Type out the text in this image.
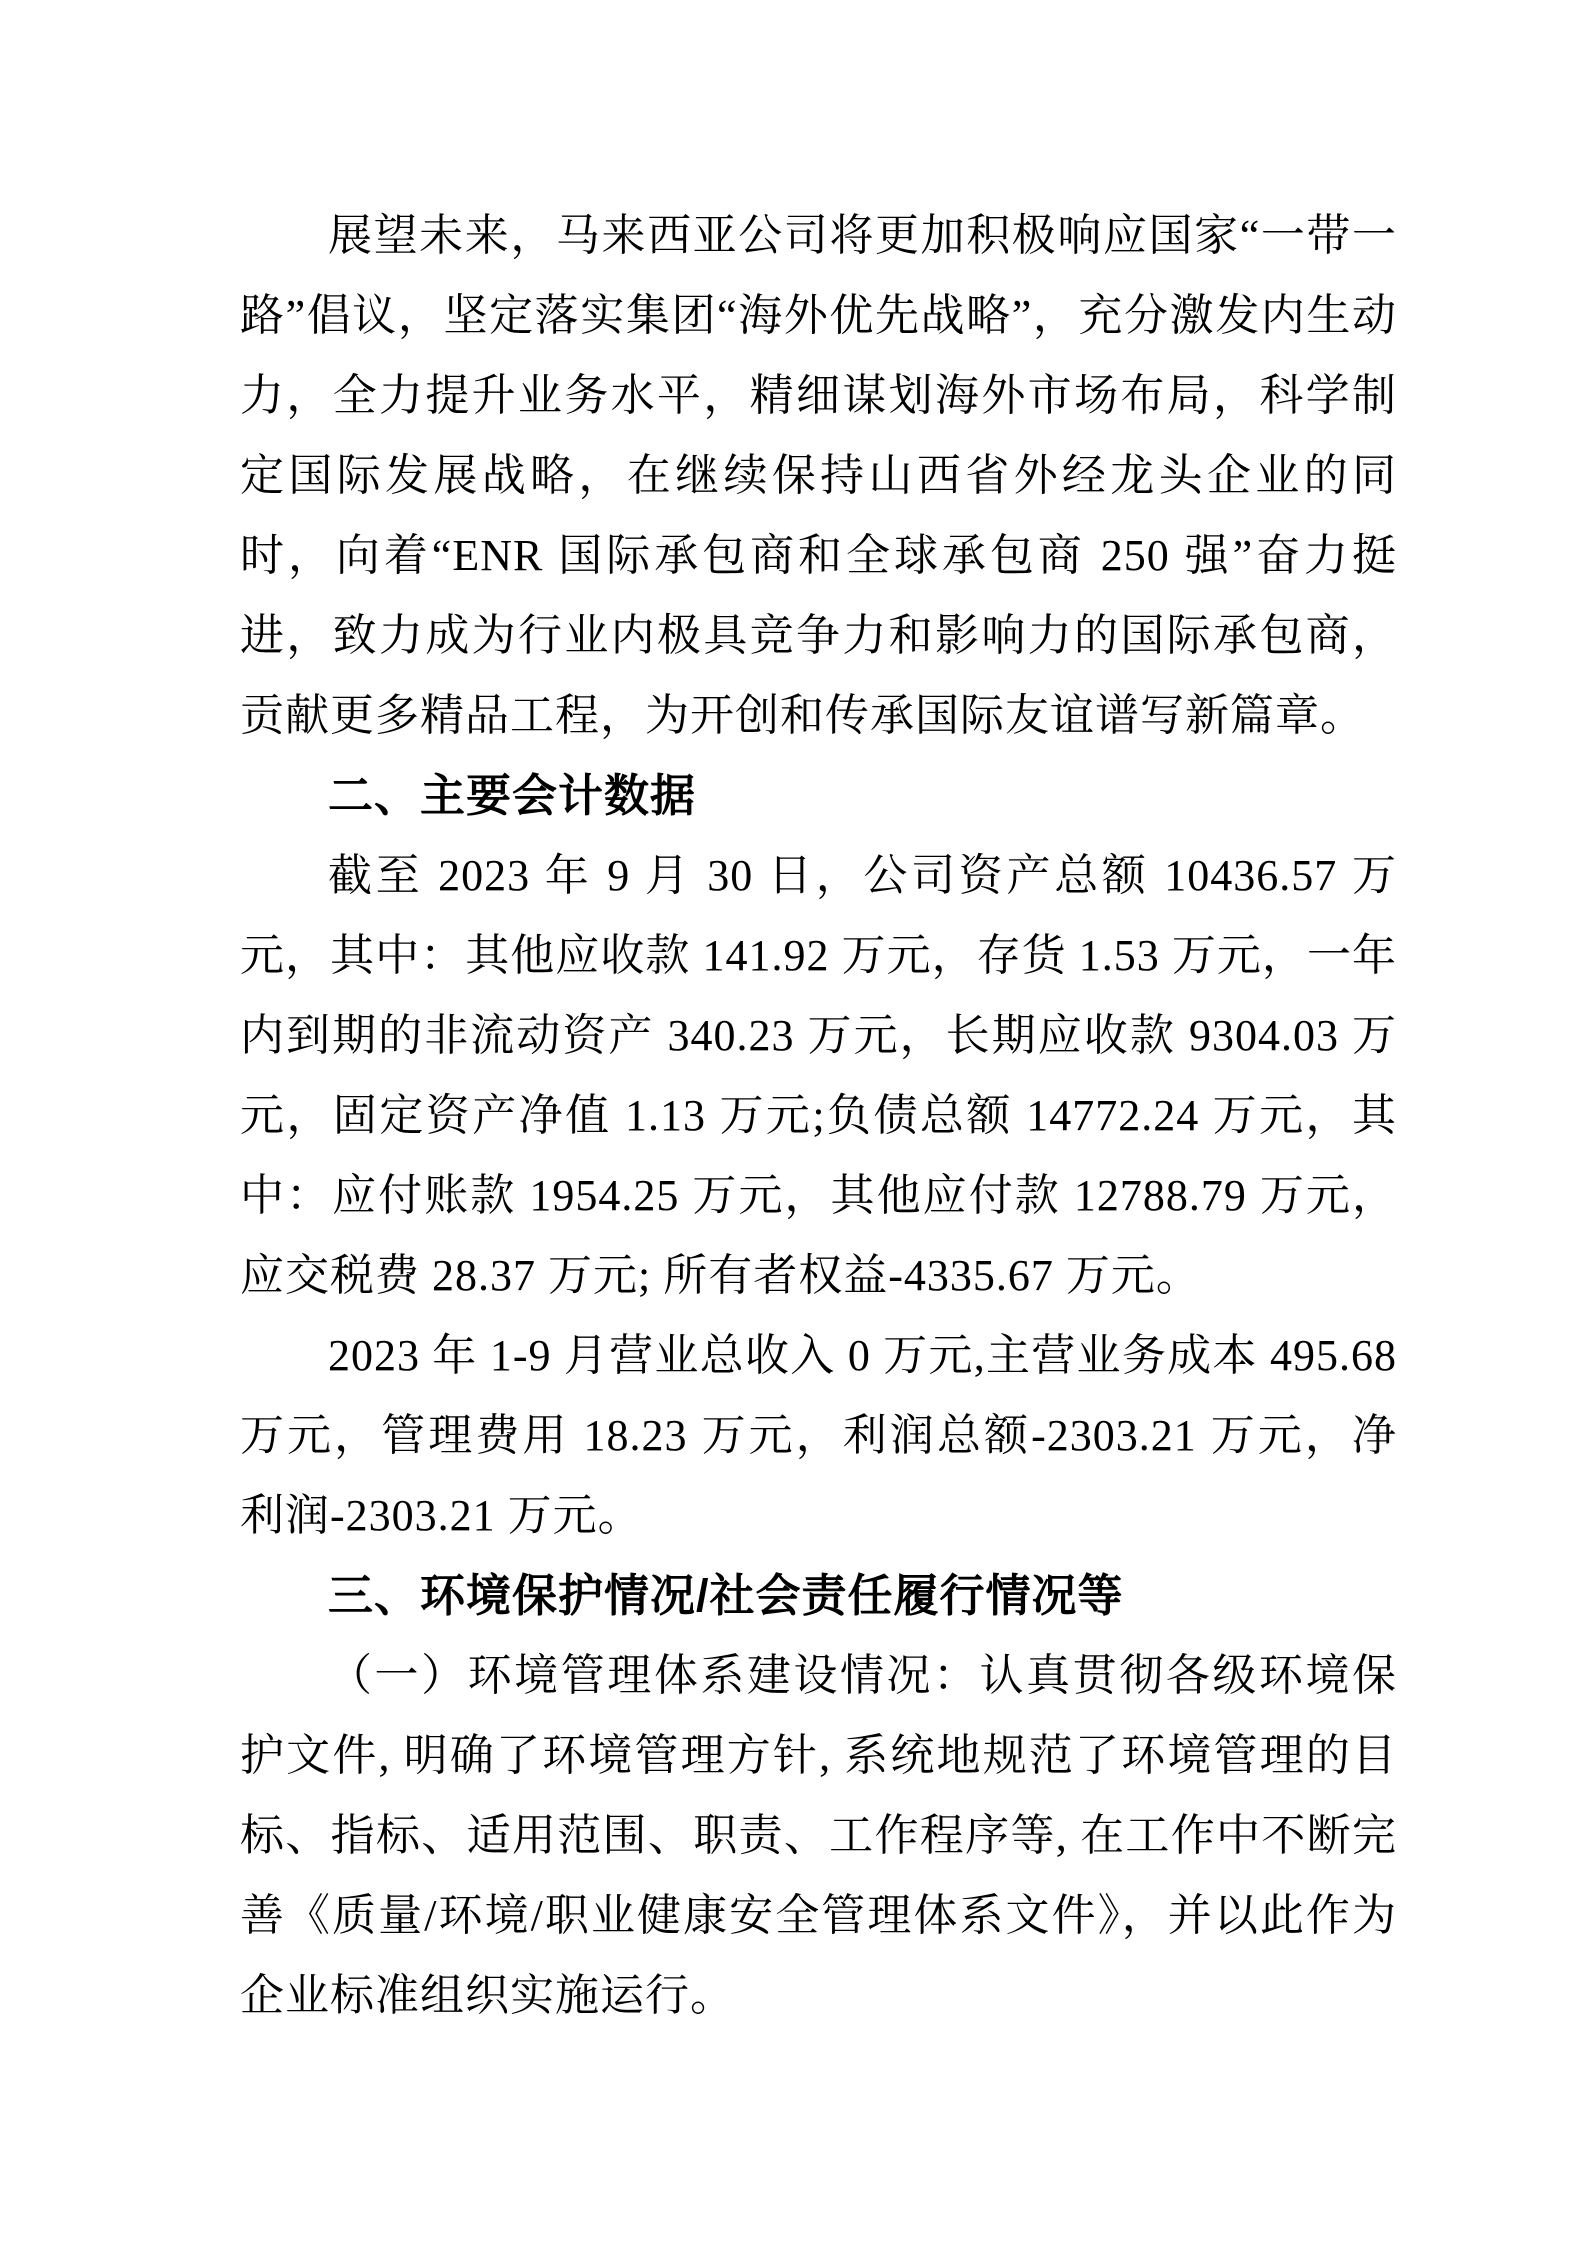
展望未来，马来西亚公司将更加积极响应国家“一带一路”倡议，坚定落实集团“海外优先战略”，充分激发内生动力，全力提升业务水平，精细谋划海外市场布局，科学制定国际发展战略，在继续保持山西省外经龙头企业的同时，向着“ENR 国际承包商和全球承包商 250 强”奋力挺进，致力成为行业内极具竞争力和影响力的国际承包商，贡献更多精品工程，为开创和传承国际友谊谱写新篇章。

二、主要会计数据

截至 2023 年 9 月 30 日，公司资产总额 10436.57 万元，其中：其他应收款 141.92 万元，存货 1.53 万元，一年内到期的非流动资产 340.23 万元，长期应收款 9304.03 万元，固定资产净值 1.13 万元;负债总额 14772.24 万元，其中：应付账款 1954.25 万元，其他应付款 12788.79 万元，应交税费 28.37 万元; 所有者权益-4335.67 万元。

2023 年 1-9 月营业总收入 0 万元,主营业务成本 495.68 万元，管理费用 18.23 万元，利润总额-2303.21 万元，净利润-2303.21 万元。

三、环境保护情况/社会责任履行情况等

（一）环境管理体系建设情况：认真贯彻各级环境保护文件, 明确了环境管理方针, 系统地规范了环境管理的目标、指标、适用范围、职责、工作程序等, 在工作中不断完善《质量/环境/职业健康安全管理体系文件》，并以此作为企业标准组织实施运行。
